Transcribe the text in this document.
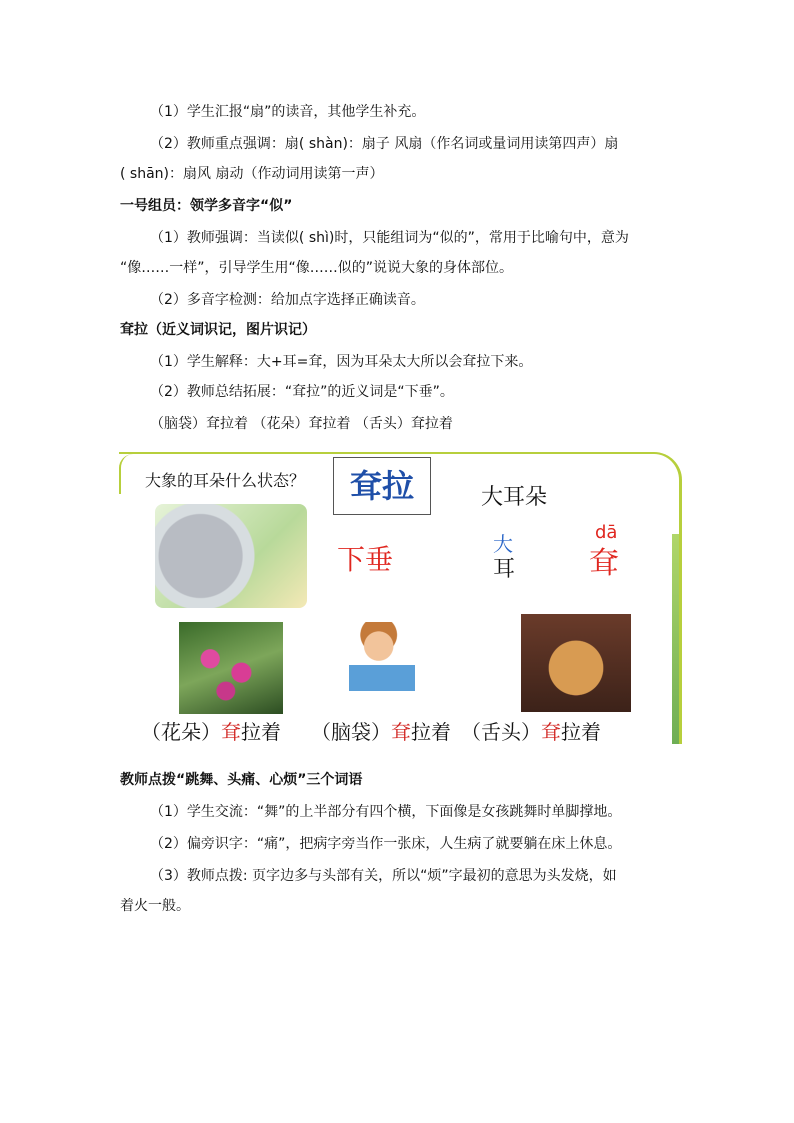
（1）学生汇报“扇”的读音，其他学生补充。
（2）教师重点强调：扇( shàn)：扇子 风扇（作名词或量词用读第四声）扇
( shān)：扇风 扇动（作动词用读第一声）
一号组员：领学多音字“似”
（1）教师强调：当读似( shì)时，只能组词为“似的”，常用于比喻句中，意为
“像……一样”，引导学生用“像……似的”说说大象的身体部位。
（2）多音字检测：给加点字选择正确读音。
耷拉（近义词识记，图片识记）
（1）学生解释：大+耳=耷，因为耳朵太大所以会耷拉下来。
（2）教师总结拓展：“耷拉”的近义词是“下垂”。
（脑袋）耷拉着 （花朵）耷拉着 （舌头）耷拉着
大象的耳朵什么状态？	耷拉	大耳朵
下垂	大
耳
dā
耷
（花朵）耷拉着 （脑袋）耷拉着 （舌头）耷拉着
教师点拨“跳舞、头痛、心烦”三个词语
（1）学生交流：“舞”的上半部分有四个横，下面像是女孩跳舞时单脚撑地。
（2）偏旁识字：“痛”，把病字旁当作一张床，人生病了就要躺在床上休息。
（3）教师点拨: 页字边多与头部有关，所以“烦”字最初的意思为头发烧，如
着火一般。
